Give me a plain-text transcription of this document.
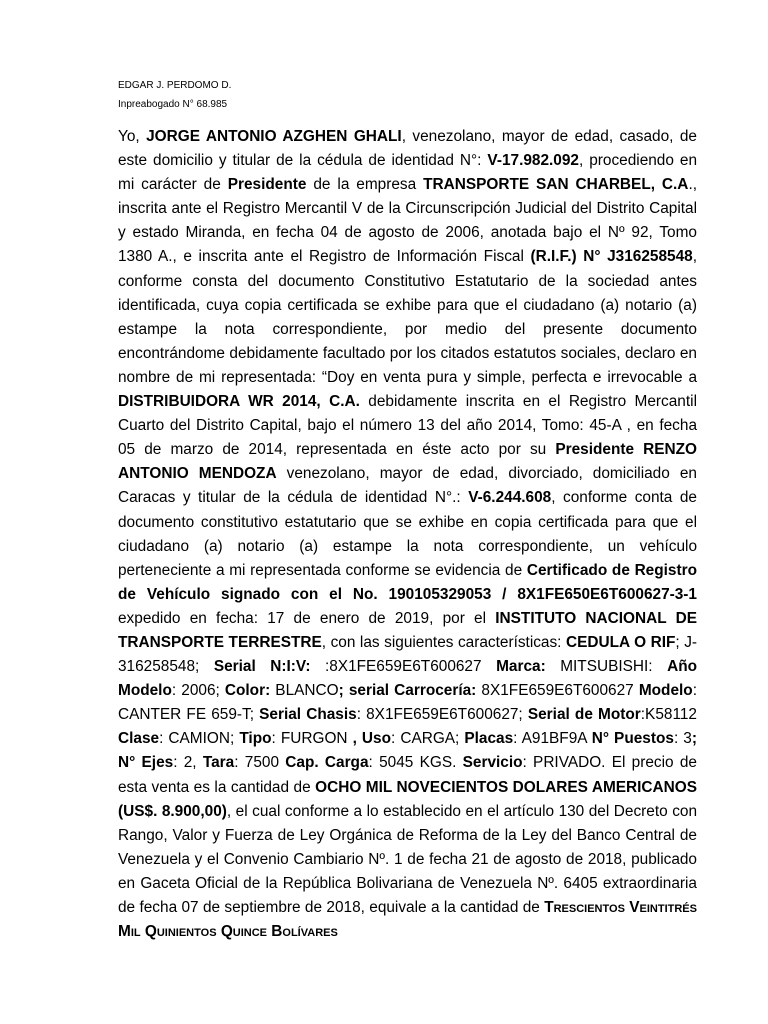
EDGAR J. PERDOMO D.
Inpreabogado N° 68.985

Yo, JORGE ANTONIO AZGHEN GHALI, venezolano, mayor de edad, casado, de este domicilio y titular de la cédula de identidad N°: V-17.982.092, procediendo en mi carácter de Presidente de la empresa TRANSPORTE SAN CHARBEL, C.A., inscrita ante el Registro Mercantil V de la Circunscripción Judicial del Distrito Capital y estado Miranda, en fecha 04 de agosto de 2006, anotada bajo el Nº 92, Tomo 1380 A., e inscrita ante el Registro de Información Fiscal (R.I.F.) N° J316258548, conforme consta del documento Constitutivo Estatutario de la sociedad antes identificada, cuya copia certificada se exhibe para que el ciudadano (a) notario (a) estampe la nota correspondiente, por medio del presente documento encontrándome debidamente facultado por los citados estatutos sociales, declaro en nombre de mi representada: “Doy en venta pura y simple, perfecta e irrevocable a DISTRIBUIDORA WR 2014, C.A. debidamente inscrita en el Registro Mercantil Cuarto del Distrito Capital, bajo el número 13 del año 2014, Tomo: 45-A , en fecha 05 de marzo de 2014, representada en éste acto por su Presidente RENZO ANTONIO MENDOZA venezolano, mayor de edad, divorciado, domiciliado en Caracas y titular de la cédula de identidad N°.: V-6.244.608, conforme conta de documento constitutivo estatutario que se exhibe en copia certificada para que el ciudadano (a) notario (a) estampe la nota correspondiente, un vehículo perteneciente a mi representada conforme se evidencia de Certificado de Registro de Vehículo signado con el No. 190105329053 / 8X1FE650E6T600627-3-1 expedido en fecha: 17 de enero de 2019, por el INSTITUTO NACIONAL DE TRANSPORTE TERRESTRE, con las siguientes características: CEDULA O RIF; J-316258548; Serial N:I:V: :8X1FE659E6T600627 Marca: MITSUBISHI: Año Modelo: 2006; Color: BLANCO; serial Carrocería: 8X1FE659E6T600627 Modelo: CANTER FE 659-T; Serial Chasis: 8X1FE659E6T600627; Serial de Motor:K58112 Clase: CAMION; Tipo: FURGON , Uso: CARGA; Placas: A91BF9A N° Puestos: 3; N° Ejes: 2, Tara: 7500 Cap. Carga: 5045 KGS. Servicio: PRIVADO. El precio de esta venta es la cantidad de OCHO MIL NOVECIENTOS DOLARES AMERICANOS (US$. 8.900,00), el cual conforme a lo establecido en el artículo 130 del Decreto con Rango, Valor y Fuerza de Ley Orgánica de Reforma de la Ley del Banco Central de Venezuela y el Convenio Cambiario Nº. 1 de fecha 21 de agosto de 2018, publicado en Gaceta Oficial de la República Bolivariana de Venezuela Nº. 6405 extraordinaria de fecha 07 de septiembre de 2018, equivale a la cantidad de Trescientos Veintitrés Mil Quinientos Quince Bolívares
